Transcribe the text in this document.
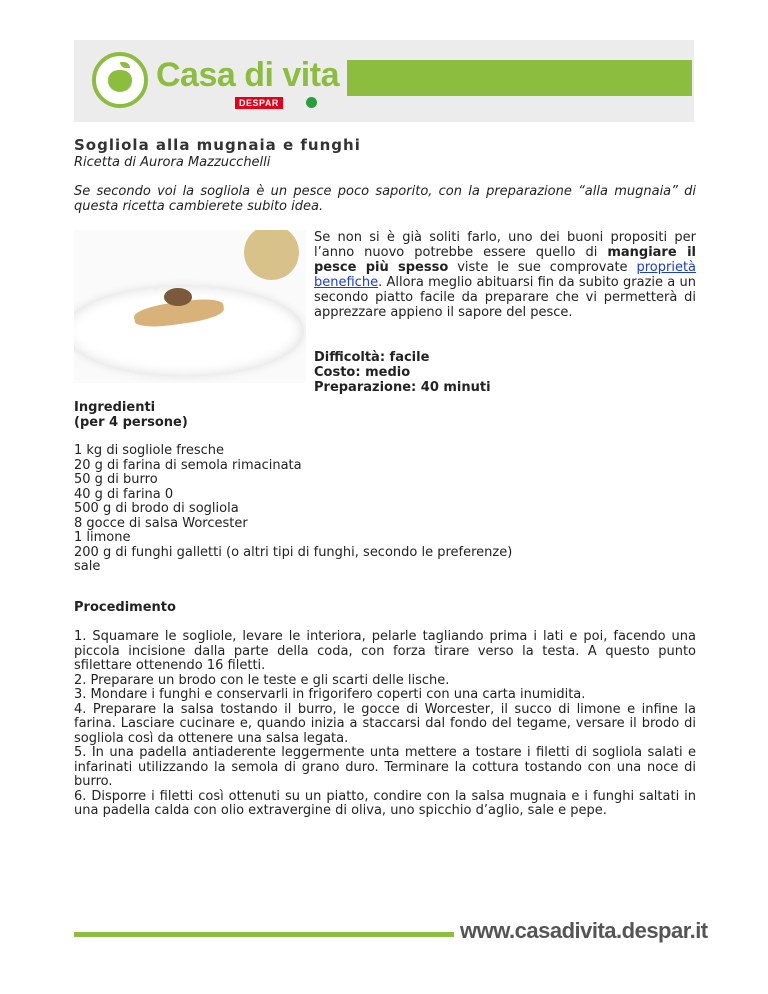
Casa di vita
DESPAR
Sogliola alla mugnaia e funghi

Ricetta di Aurora Mazzucchelli

Se secondo voi la sogliola è un pesce poco saporito, con la preparazione “alla mugnaia” di questa ricetta cambierete subito idea.

Se non si è già soliti farlo, uno dei buoni propositi per l’anno nuovo potrebbe essere quello di mangiare il pesce più spesso viste le sue comprovate proprietà benefiche. Allora meglio abituarsi fin da subito grazie a un secondo piatto facile da preparare che vi permetterà di apprezzare appieno il sapore del pesce.

Difficoltà: facile
Costo: medio
Preparazione: 40 minuti

Ingredienti
(per 4 persone)
1 kg di sogliole fresche
20 g di farina di semola rimacinata
50 g di burro
40 g di farina 0
500 g di brodo di sogliola
8 gocce di salsa Worcester
1 limone
200 g di funghi galletti (o altri tipi di funghi, secondo le preferenze)
sale
Procedimento

1. Squamare le sogliole, levare le interiora, pelarle tagliando prima i lati e poi, facendo una piccola incisione dalla parte della coda, con forza tirare verso la testa. A questo punto sfilettare ottenendo 16 filetti.

2. Preparare un brodo con le teste e gli scarti delle lische.

3. Mondare i funghi e conservarli in frigorifero coperti con una carta inumidita.

4. Preparare la salsa tostando il burro, le gocce di Worcester, il succo di limone e infine la farina. Lasciare cucinare e, quando inizia a staccarsi dal fondo del tegame, versare il brodo di sogliola così da ottenere una salsa legata.

5. In una padella antiaderente leggermente unta mettere a tostare i filetti di sogliola salati e infarinati utilizzando la semola di grano duro. Terminare la cottura tostando con una noce di burro.

6. Disporre i filetti così ottenuti su un piatto, condire con la salsa mugnaia e i funghi saltati in una padella calda con olio extravergine di oliva, uno spicchio d’aglio, sale e pepe.

www.casadivita.despar.it
